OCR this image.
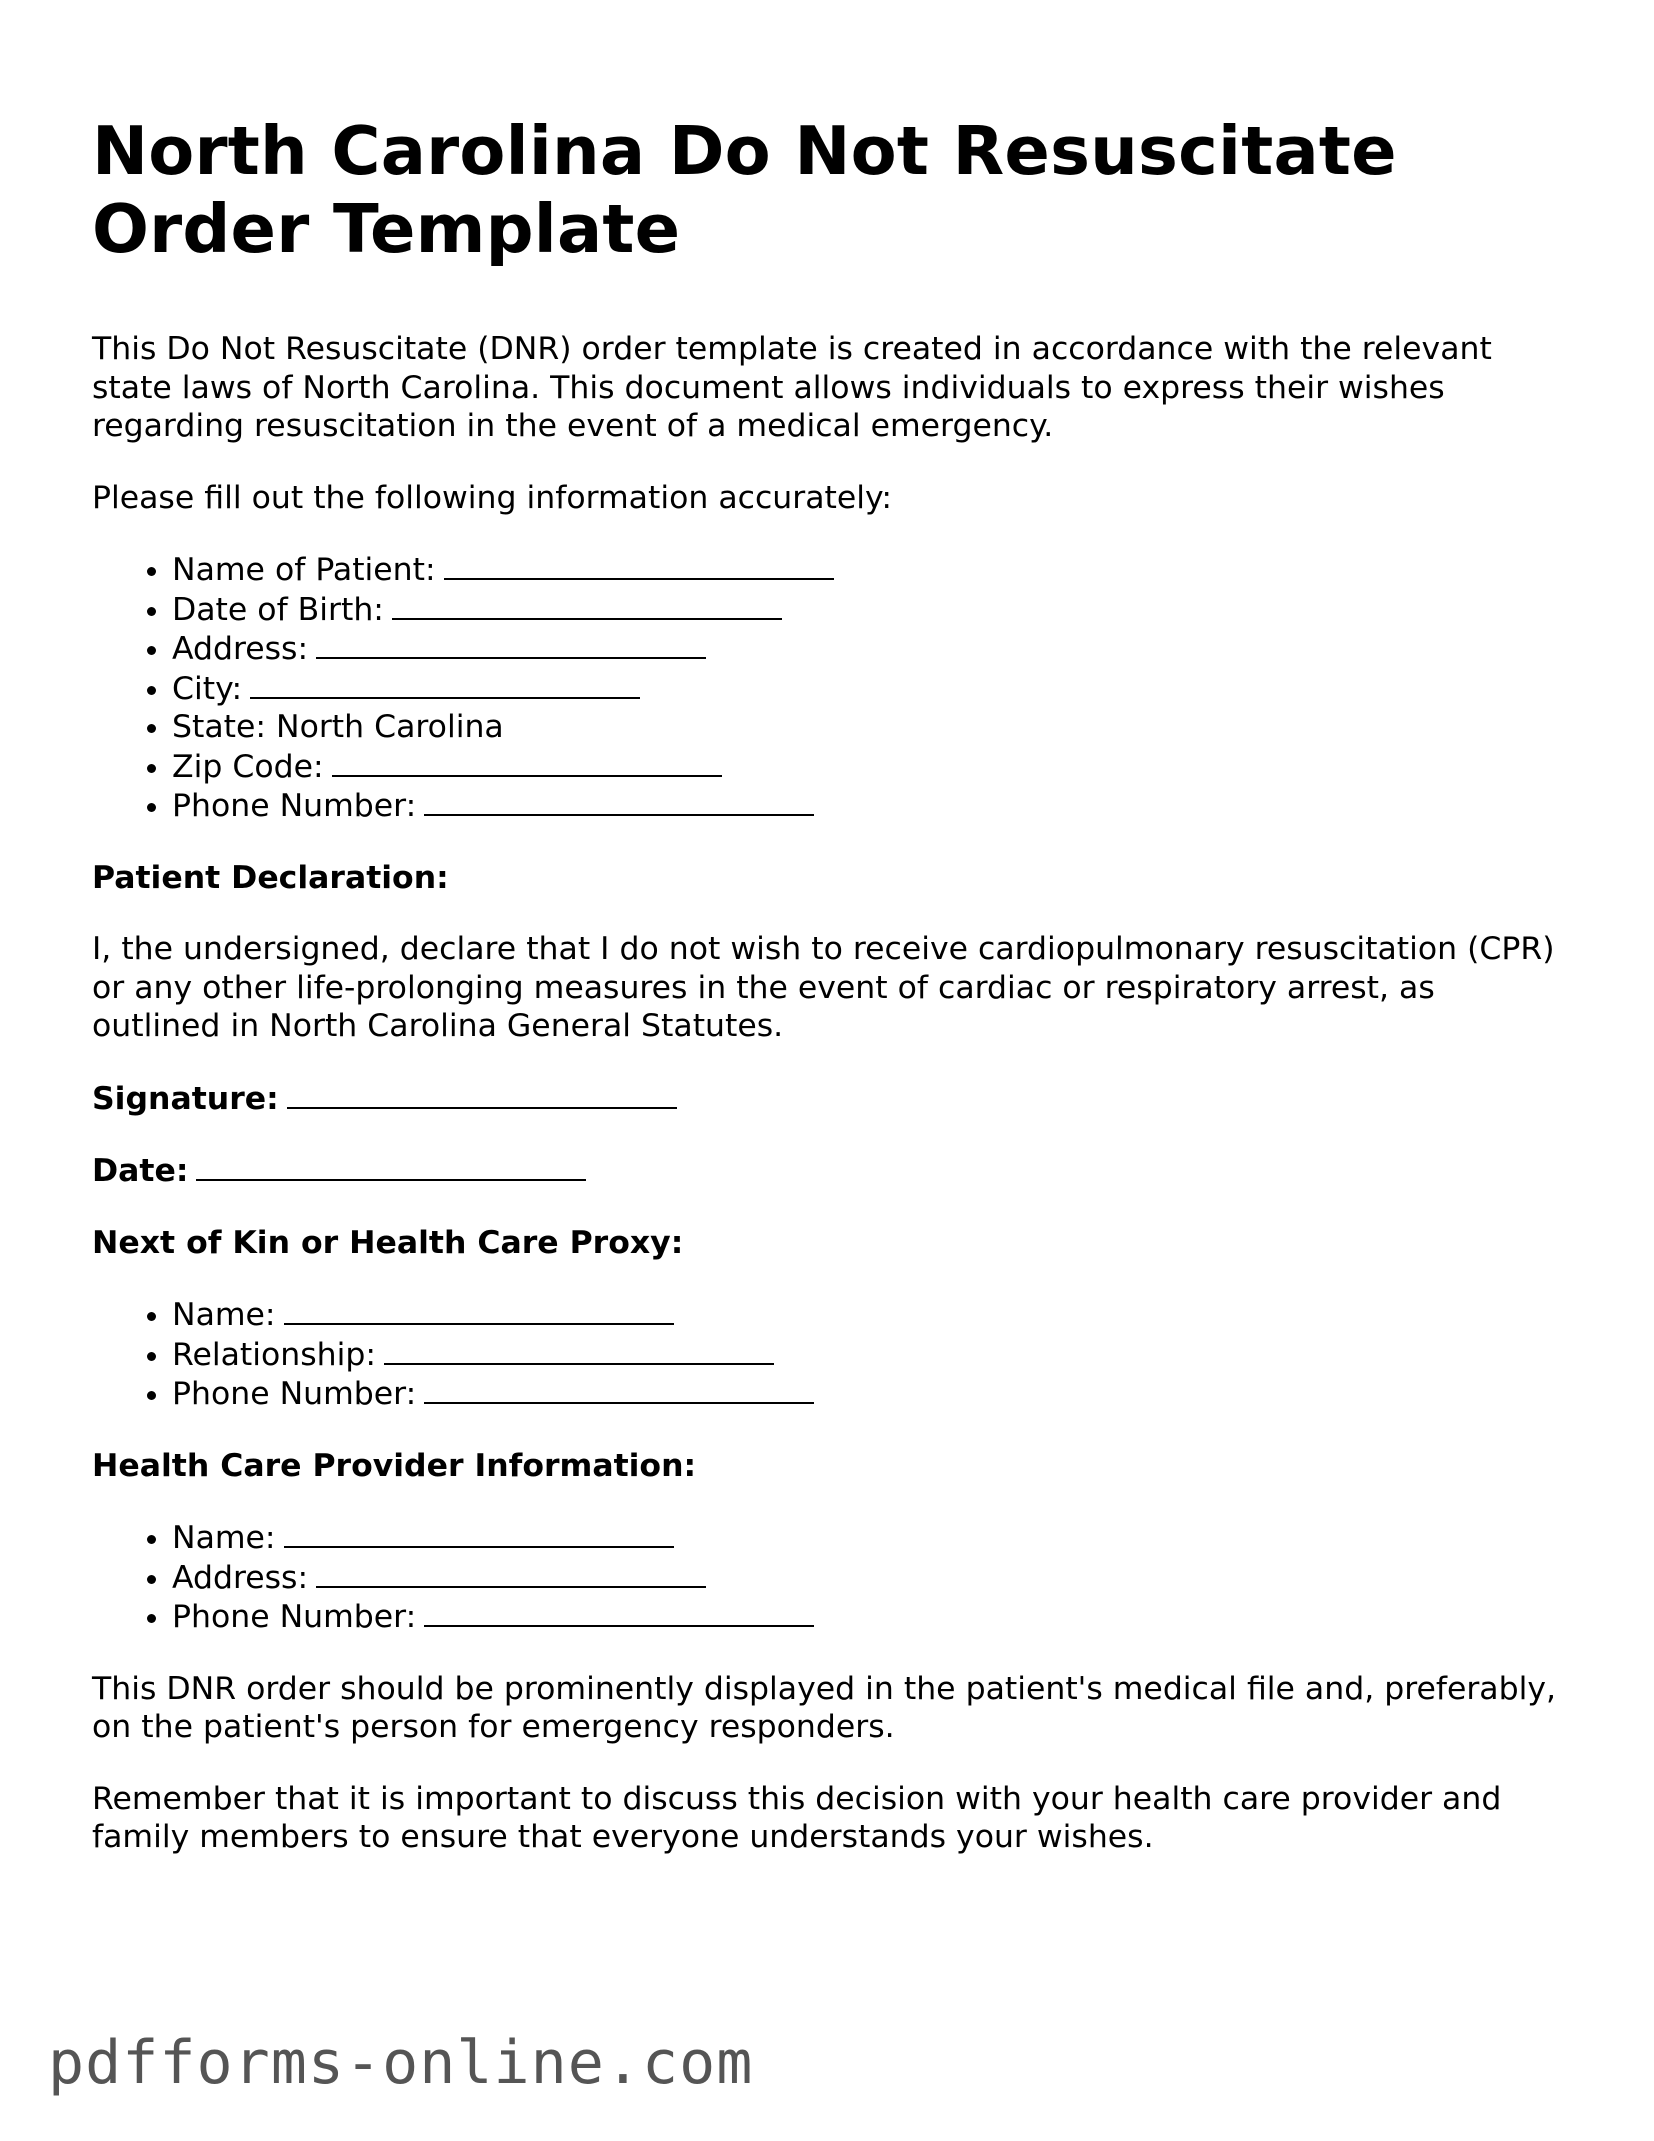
North Carolina Do Not Resuscitate Order Template

This Do Not Resuscitate (DNR) order template is created in accordance with the relevant state laws of North Carolina. This document allows individuals to express their wishes regarding resuscitation in the event of a medical emergency.

Please fill out the following information accurately:

• Name of Patient:
• Date of Birth:
• Address:
• City:
• State: North Carolina
• Zip Code:
• Phone Number:

Patient Declaration:

I, the undersigned, declare that I do not wish to receive cardiopulmonary resuscitation (CPR) or any other life-prolonging measures in the event of cardiac or respiratory arrest, as outlined in North Carolina General Statutes.

Signature:

Date:

Next of Kin or Health Care Proxy:

• Name:
• Relationship:
• Phone Number:

Health Care Provider Information:

• Name:
• Address:
• Phone Number:

This DNR order should be prominently displayed in the patient's medical file and, preferably, on the patient's person for emergency responders.

Remember that it is important to discuss this decision with your health care provider and family members to ensure that everyone understands your wishes.

pdfforms-online.com
